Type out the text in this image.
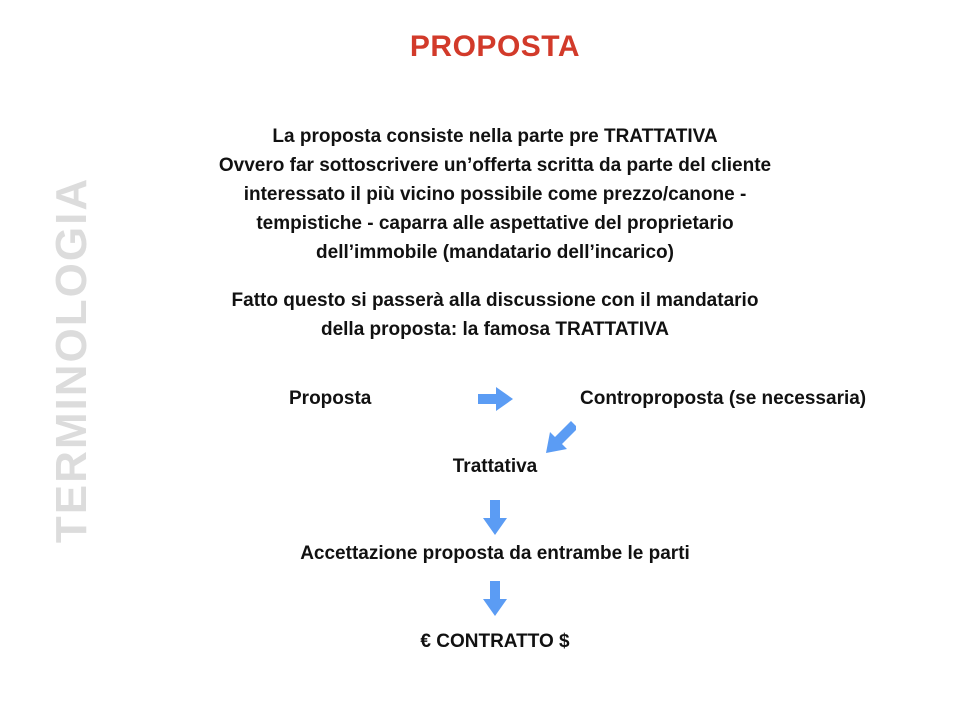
PROPOSTA
TERMINOLOGIA

La proposta consiste nella parte pre TRATTATIVA
Ovvero far sottoscrivere un’offerta scritta da parte del cliente
interessato il più vicino possibile come prezzo/canone -
tempistiche - caparra alle aspettative del proprietario
dell’immobile (mandatario dell’incarico)

Fatto questo si passerà alla discussione con il mandatario
della proposta: la famosa TRATTATIVA

Proposta	Controproposta (se necessaria)
Trattativa
Accettazione proposta da entrambe le parti
€ CONTRATTO $
